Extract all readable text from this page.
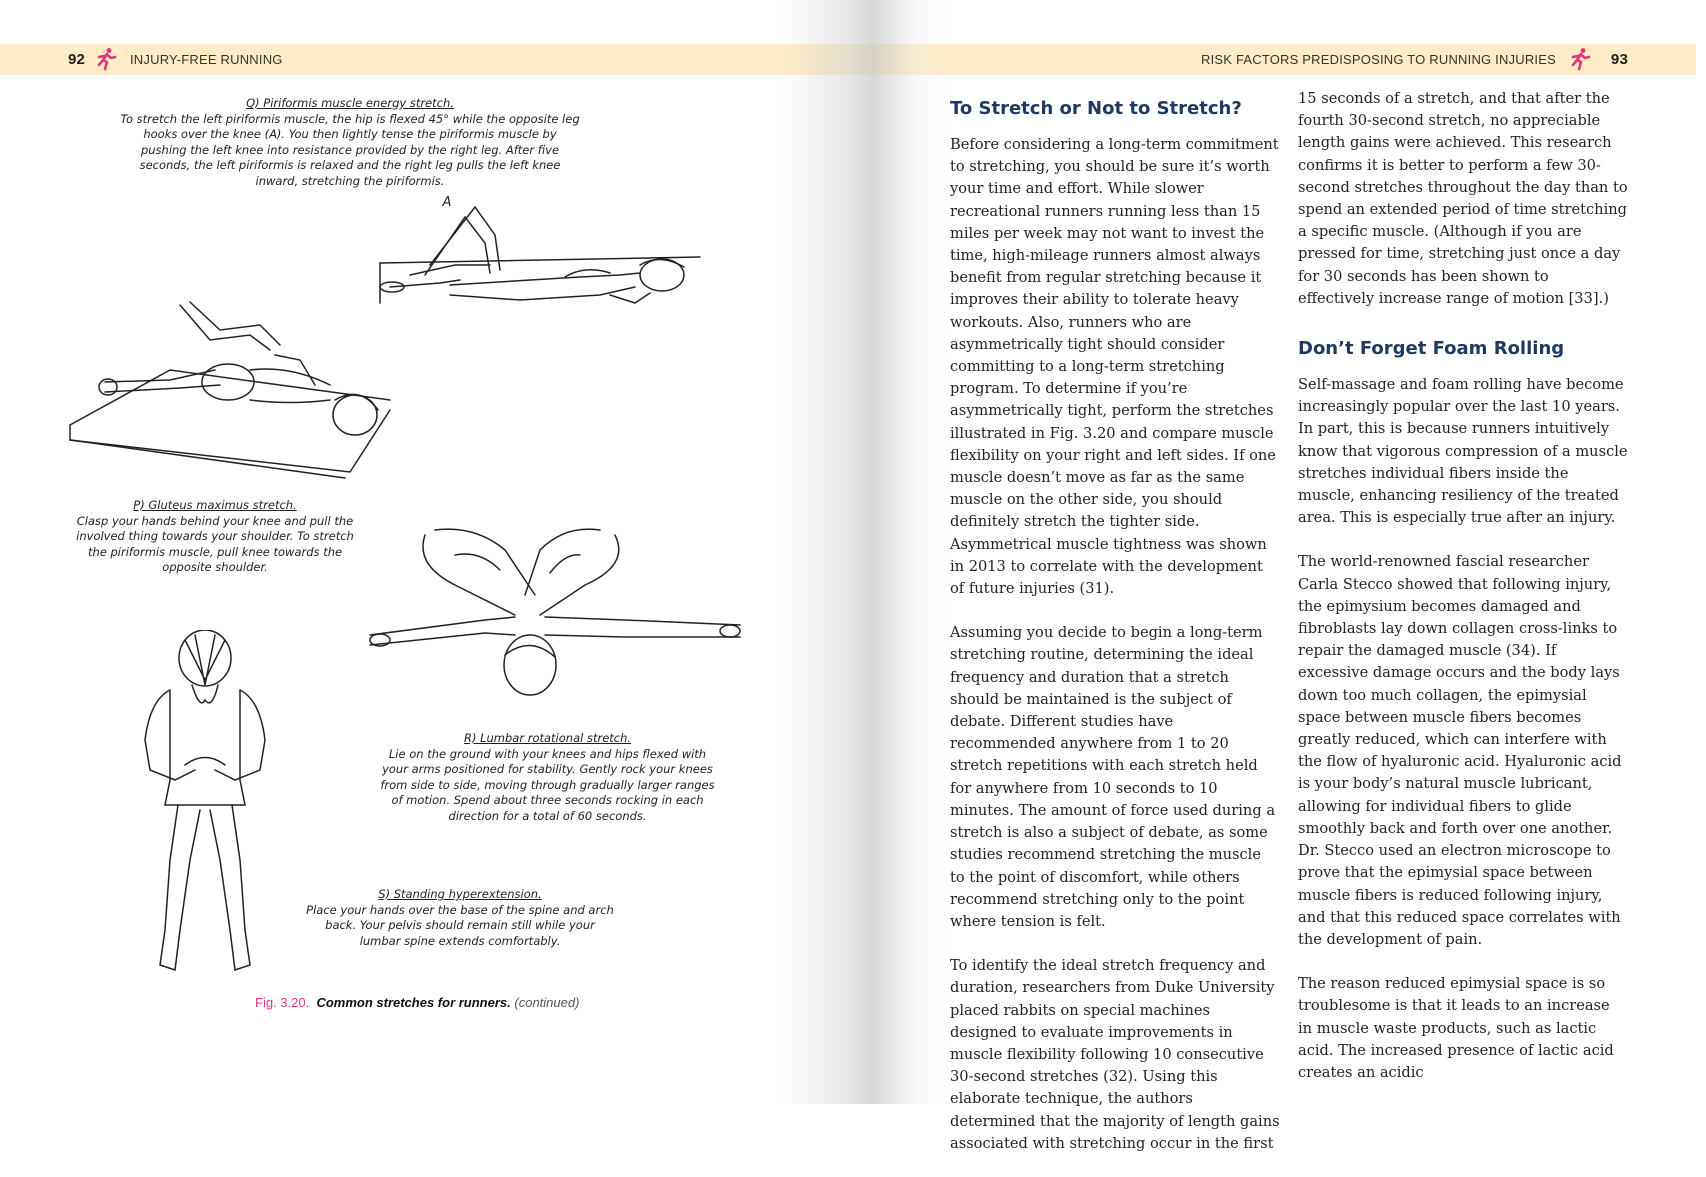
92	INJURY-FREE RUNNING
Q) Piriformis muscle energy stretch.
To stretch the left piriformis muscle, the hip is flexed 45° while the opposite leg hooks over the knee (A). You then lightly tense the piriformis muscle by pushing the left knee into resistance provided by the right leg. After five seconds, the left piriformis is relaxed and the right leg pulls the left knee inward, stretching the piriformis.
A
P) Gluteus maximus stretch.
Clasp your hands behind your knee and pull the involved thing towards your shoulder. To stretch the piriformis muscle, pull knee towards the opposite shoulder.
R) Lumbar rotational stretch.
Lie on the ground with your knees and hips flexed with your arms positioned for stability. Gently rock your knees from side to side, moving through gradually larger ranges of motion. Spend about three seconds rocking in each direction for a total of 60 seconds.
S) Standing hyperextension.
Place your hands over the base of the spine and arch back. Your pelvis should remain still while your lumbar spine extends comfortably.
Fig. 3.20. Common stretches for runners. (continued)
To Stretch or Not to Stretch?

Before considering a long-term commitment to stretching, you should be sure it’s worth your time and effort. While slower recreational runners running less than 15 miles per week may not want to invest the time, high-mileage runners almost always benefit from regular stretching because it improves their ability to tolerate heavy workouts. Also, runners who are asymmetrically tight should consider committing to a long-term stretching program. To determine if you’re asymmetrically tight, perform the stretches illustrated in Fig. 3.20 and compare muscle flexibility on your right and left sides. If one muscle doesn’t move as far as the same muscle on the other side, you should definitely stretch the tighter side. Asymmetrical muscle tightness was shown in 2013 to correlate with the development of future injuries (31).

Assuming you decide to begin a long-term stretching routine, determining the ideal frequency and duration that a stretch should be maintained is the subject of debate. Different studies have recommended anywhere from 1 to 20 stretch repetitions with each stretch held for anywhere from 10 seconds to 10 minutes. The amount of force used during a stretch is also a subject of debate, as some studies recommend stretching the muscle to the point of discomfort, while others recommend stretching only to the point where tension is felt.

To identify the ideal stretch frequency and duration, researchers from Duke University placed rabbits on special machines designed to evaluate improvements in muscle flexibility following 10 consecutive 30-second stretches (32). Using this elaborate technique, the authors determined that the majority of length gains associated with stretching occur in the first

15 seconds of a stretch, and that after the fourth 30-second stretch, no appreciable length gains were achieved. This research confirms it is better to perform a few 30-second stretches throughout the day than to spend an extended period of time stretching a specific muscle. (Although if you are pressed for time, stretching just once a day for 30 seconds has been shown to effectively increase range of motion [33].)

Don’t Forget Foam Rolling

Self-massage and foam rolling have become increasingly popular over the last 10 years. In part, this is because runners intuitively know that vigorous compression of a muscle stretches individual fibers inside the muscle, enhancing resiliency of the treated area. This is especially true after an injury.

The world-renowned fascial researcher Carla Stecco showed that following injury, the epimysium becomes damaged and fibroblasts lay down collagen cross-links to repair the damaged muscle (34). If excessive damage occurs and the body lays down too much collagen, the epimysial space between muscle fibers becomes greatly reduced, which can interfere with the flow of hyaluronic acid. Hyaluronic acid is your body’s natural muscle lubricant, allowing for individual fibers to glide smoothly back and forth over one another. Dr. Stecco used an electron microscope to prove that the epimysial space between muscle fibers is reduced following injury, and that this reduced space correlates with the development of pain.

The reason reduced epimysial space is so troublesome is that it leads to an increase in muscle waste products, such as lactic acid. The increased presence of lactic acid creates an acidic

RISK FACTORS PREDISPOSING TO RUNNING INJURIES	93
